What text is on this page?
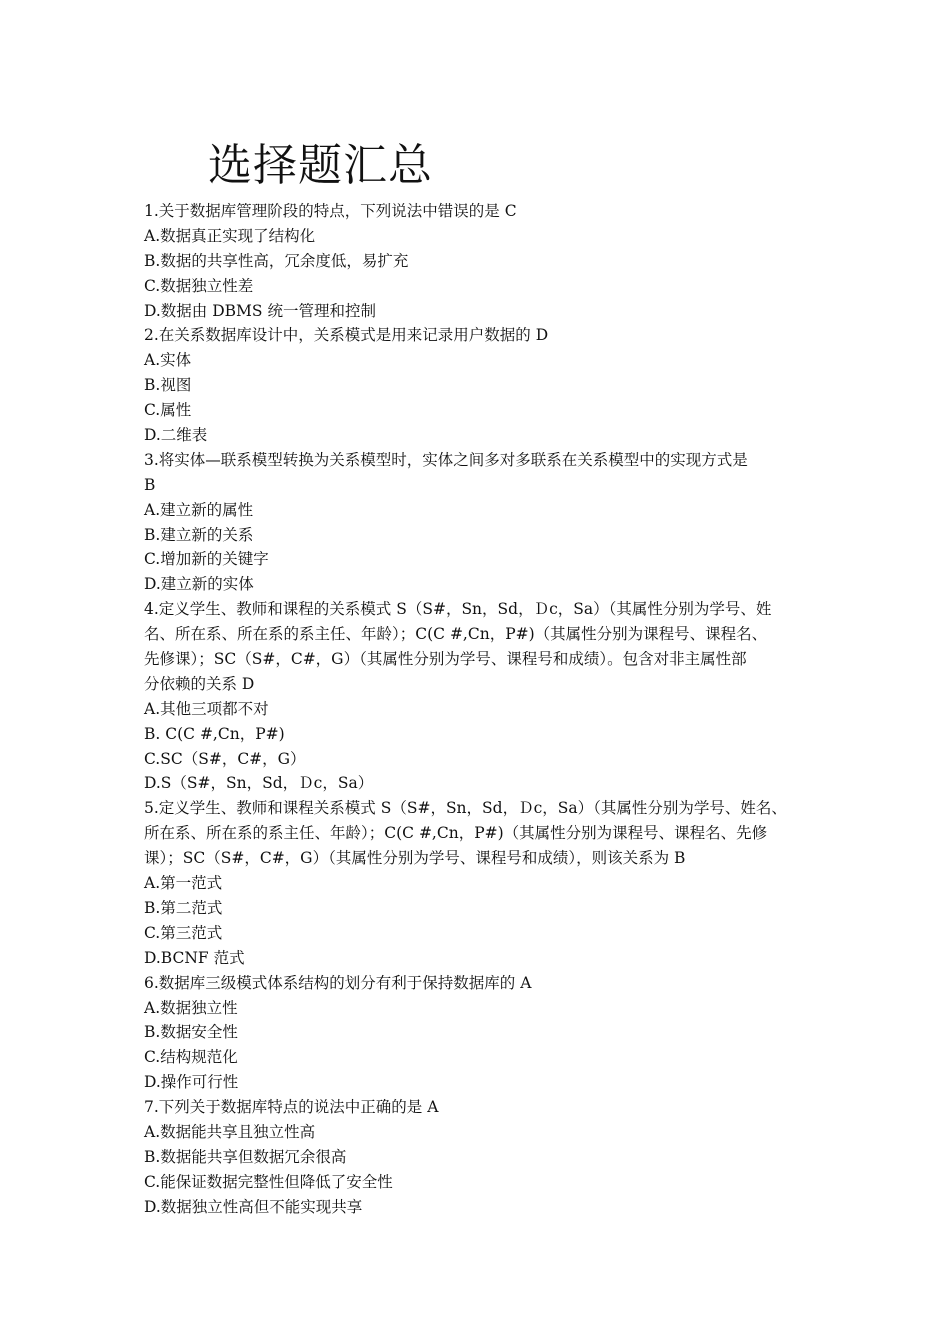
选择题汇总
1.关于数据库管理阶段的特点，下列说法中错误的是 C
A.数据真正实现了结构化
B.数据的共享性高，冗余度低，易扩充
C.数据独立性差
D.数据由 DBMS 统一管理和控制
2.在关系数据库设计中，关系模式是用来记录用户数据的 D
A.实体
B.视图
C.属性
D.二维表
3.将实体—联系模型转换为关系模型时，实体之间多对多联系在关系模型中的实现方式是
B
A.建立新的属性
B.建立新的关系
C.增加新的关键字
D.建立新的实体
4.定义学生、教师和课程的关系模式 S（S#，Sn，Sd，Ｄc，Sa）（其属性分别为学号、姓
名、所在系、所在系的系主任、年龄）；C(C #,Cn，P#)（其属性分别为课程号、课程名、
先修课）；SC（S#，C#，G）（其属性分别为学号、课程号和成绩）。包含对非主属性部
分依赖的关系 D
A.其他三项都不对
B. C(C #,Cn，P#)
C.SC（S#，C#，G）
D.S（S#，Sn，Sd，Ｄc，Sa）
5.定义学生、教师和课程关系模式 S（S#，Sn，Sd，Ｄc，Sa）（其属性分别为学号、姓名、
所在系、所在系的系主任、年龄）；C(C #,Cn，P#)（其属性分别为课程号、课程名、先修
课）；SC（S#，C#，G）（其属性分别为学号、课程号和成绩），则该关系为 B
A.第一范式
B.第二范式
C.第三范式
D.BCNF 范式
6.数据库三级模式体系结构的划分有利于保持数据库的 A
A.数据独立性
B.数据安全性
C.结构规范化
D.操作可行性
7.下列关于数据库特点的说法中正确的是 A
A.数据能共享且独立性高
B.数据能共享但数据冗余很高
C.能保证数据完整性但降低了安全性
D.数据独立性高但不能实现共享
